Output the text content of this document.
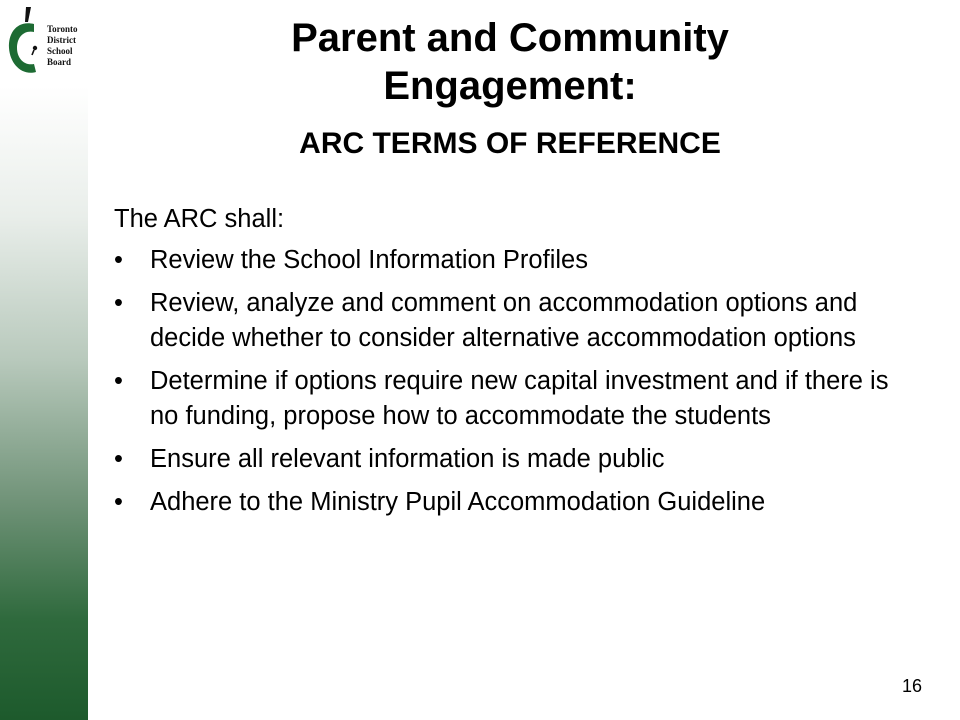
Toronto
District
School
Board
Parent and Community Engagement:
ARC TERMS OF REFERENCE

The ARC shall:

• Review the School Information Profiles
• Review, analyze and comment on accommodation options and decide whether to consider alternative accommodation options
• Determine if options require new capital investment and if there is no funding, propose how to accommodate the students
• Ensure all relevant information is made public
• Adhere to the Ministry Pupil Accommodation Guideline
16
